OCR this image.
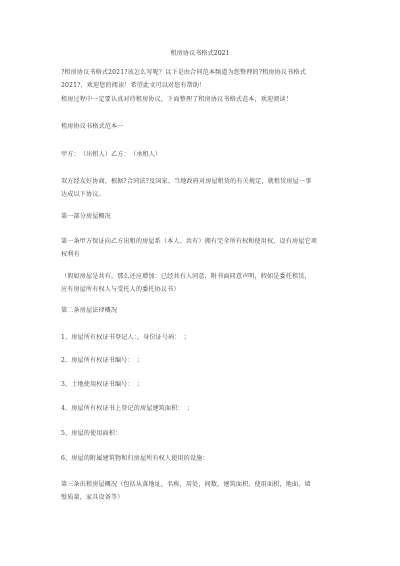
租房协议书格式2021
?租房协议书格式2021?该怎么写呢？以下是由合同范本频道为您整理的?租房协议书格式
2021?，欢迎您的阅读！希望此文可以对您有帮助！
租房过程中一定要认真对待租房协议，下面整理了租房协议书格式范本，欢迎阅读！
租房协议书格式范本一
甲方：　（出租人）乙方：　（承租人）
双方经友好协商，根据?合同法?及国家、当地政府对房屋租赁的有关规定，就租赁房屋一事
达成以下协议。
第一部分房屋概况
第一条甲方保证向乙方出租的房屋系（本人、共有）拥有完全所有权和使用权，设有房屋它项
权利有
（假如房屋是共有，那么还应增加：已经共有人同意，附书面同意声明，假如是委托租赁，
应有房屋所有权人与受托人的委托协议书）
第二条房屋法律概况
1、房屋所有权证书登记人：，身份证号码：　；
2、房屋所有权证书编号：　；
3、土地使用权证书编号：　；
4、房屋所有权证书上登记的房屋建筑面积：　；
5、房屋的使用面积：
6、房屋的附属建筑物和归房屋所有权人使用的设施：
第三条出租房屋概况（包括从落地址，名称，用处，间数，建筑面积，使用面积，地面，墙
壁质量，家具设备等）
